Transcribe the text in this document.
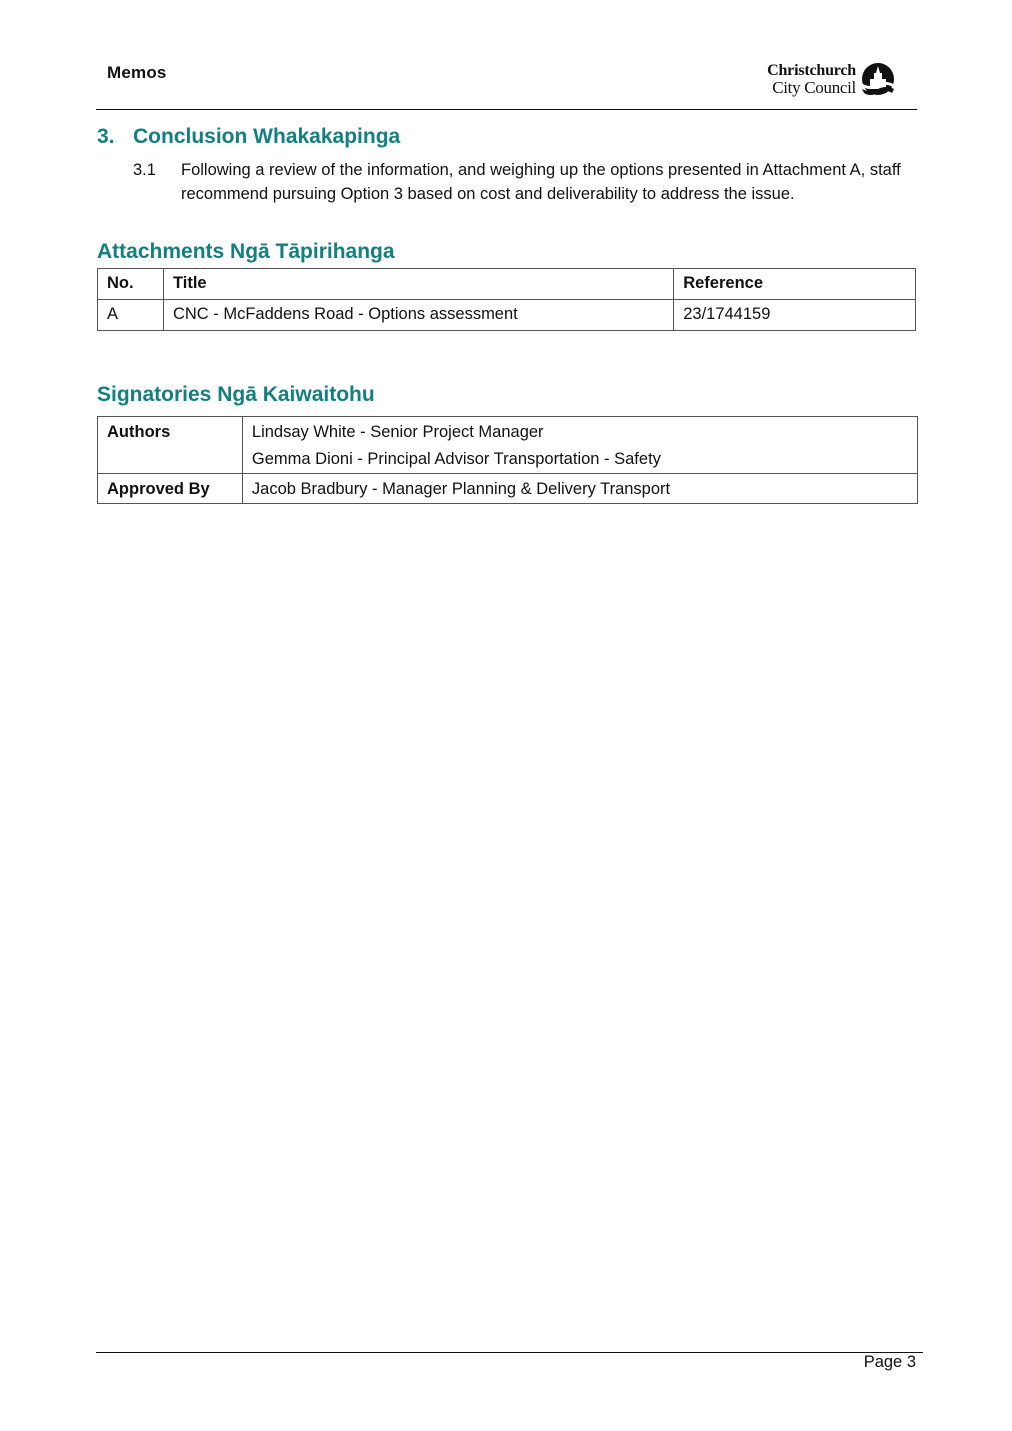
Memos	Christchurch
City Council
3. Conclusion Whakakapinga
3.1 Following a review of the information, and weighing up the options presented in Attachment A, staff recommend pursuing Option 3 based on cost and deliverability to address the issue.
Attachments Ngā Tāpirihanga
No.	Title	Reference
A	CNC - McFaddens Road - Options assessment	23/1744159
Signatories Ngā Kaiwaitohu
Authors	Lindsay White - Senior Project Manager
Gemma Dioni - Principal Advisor Transportation - Safety

Approved By	Jacob Bradbury - Manager Planning & Delivery Transport
Page 3
